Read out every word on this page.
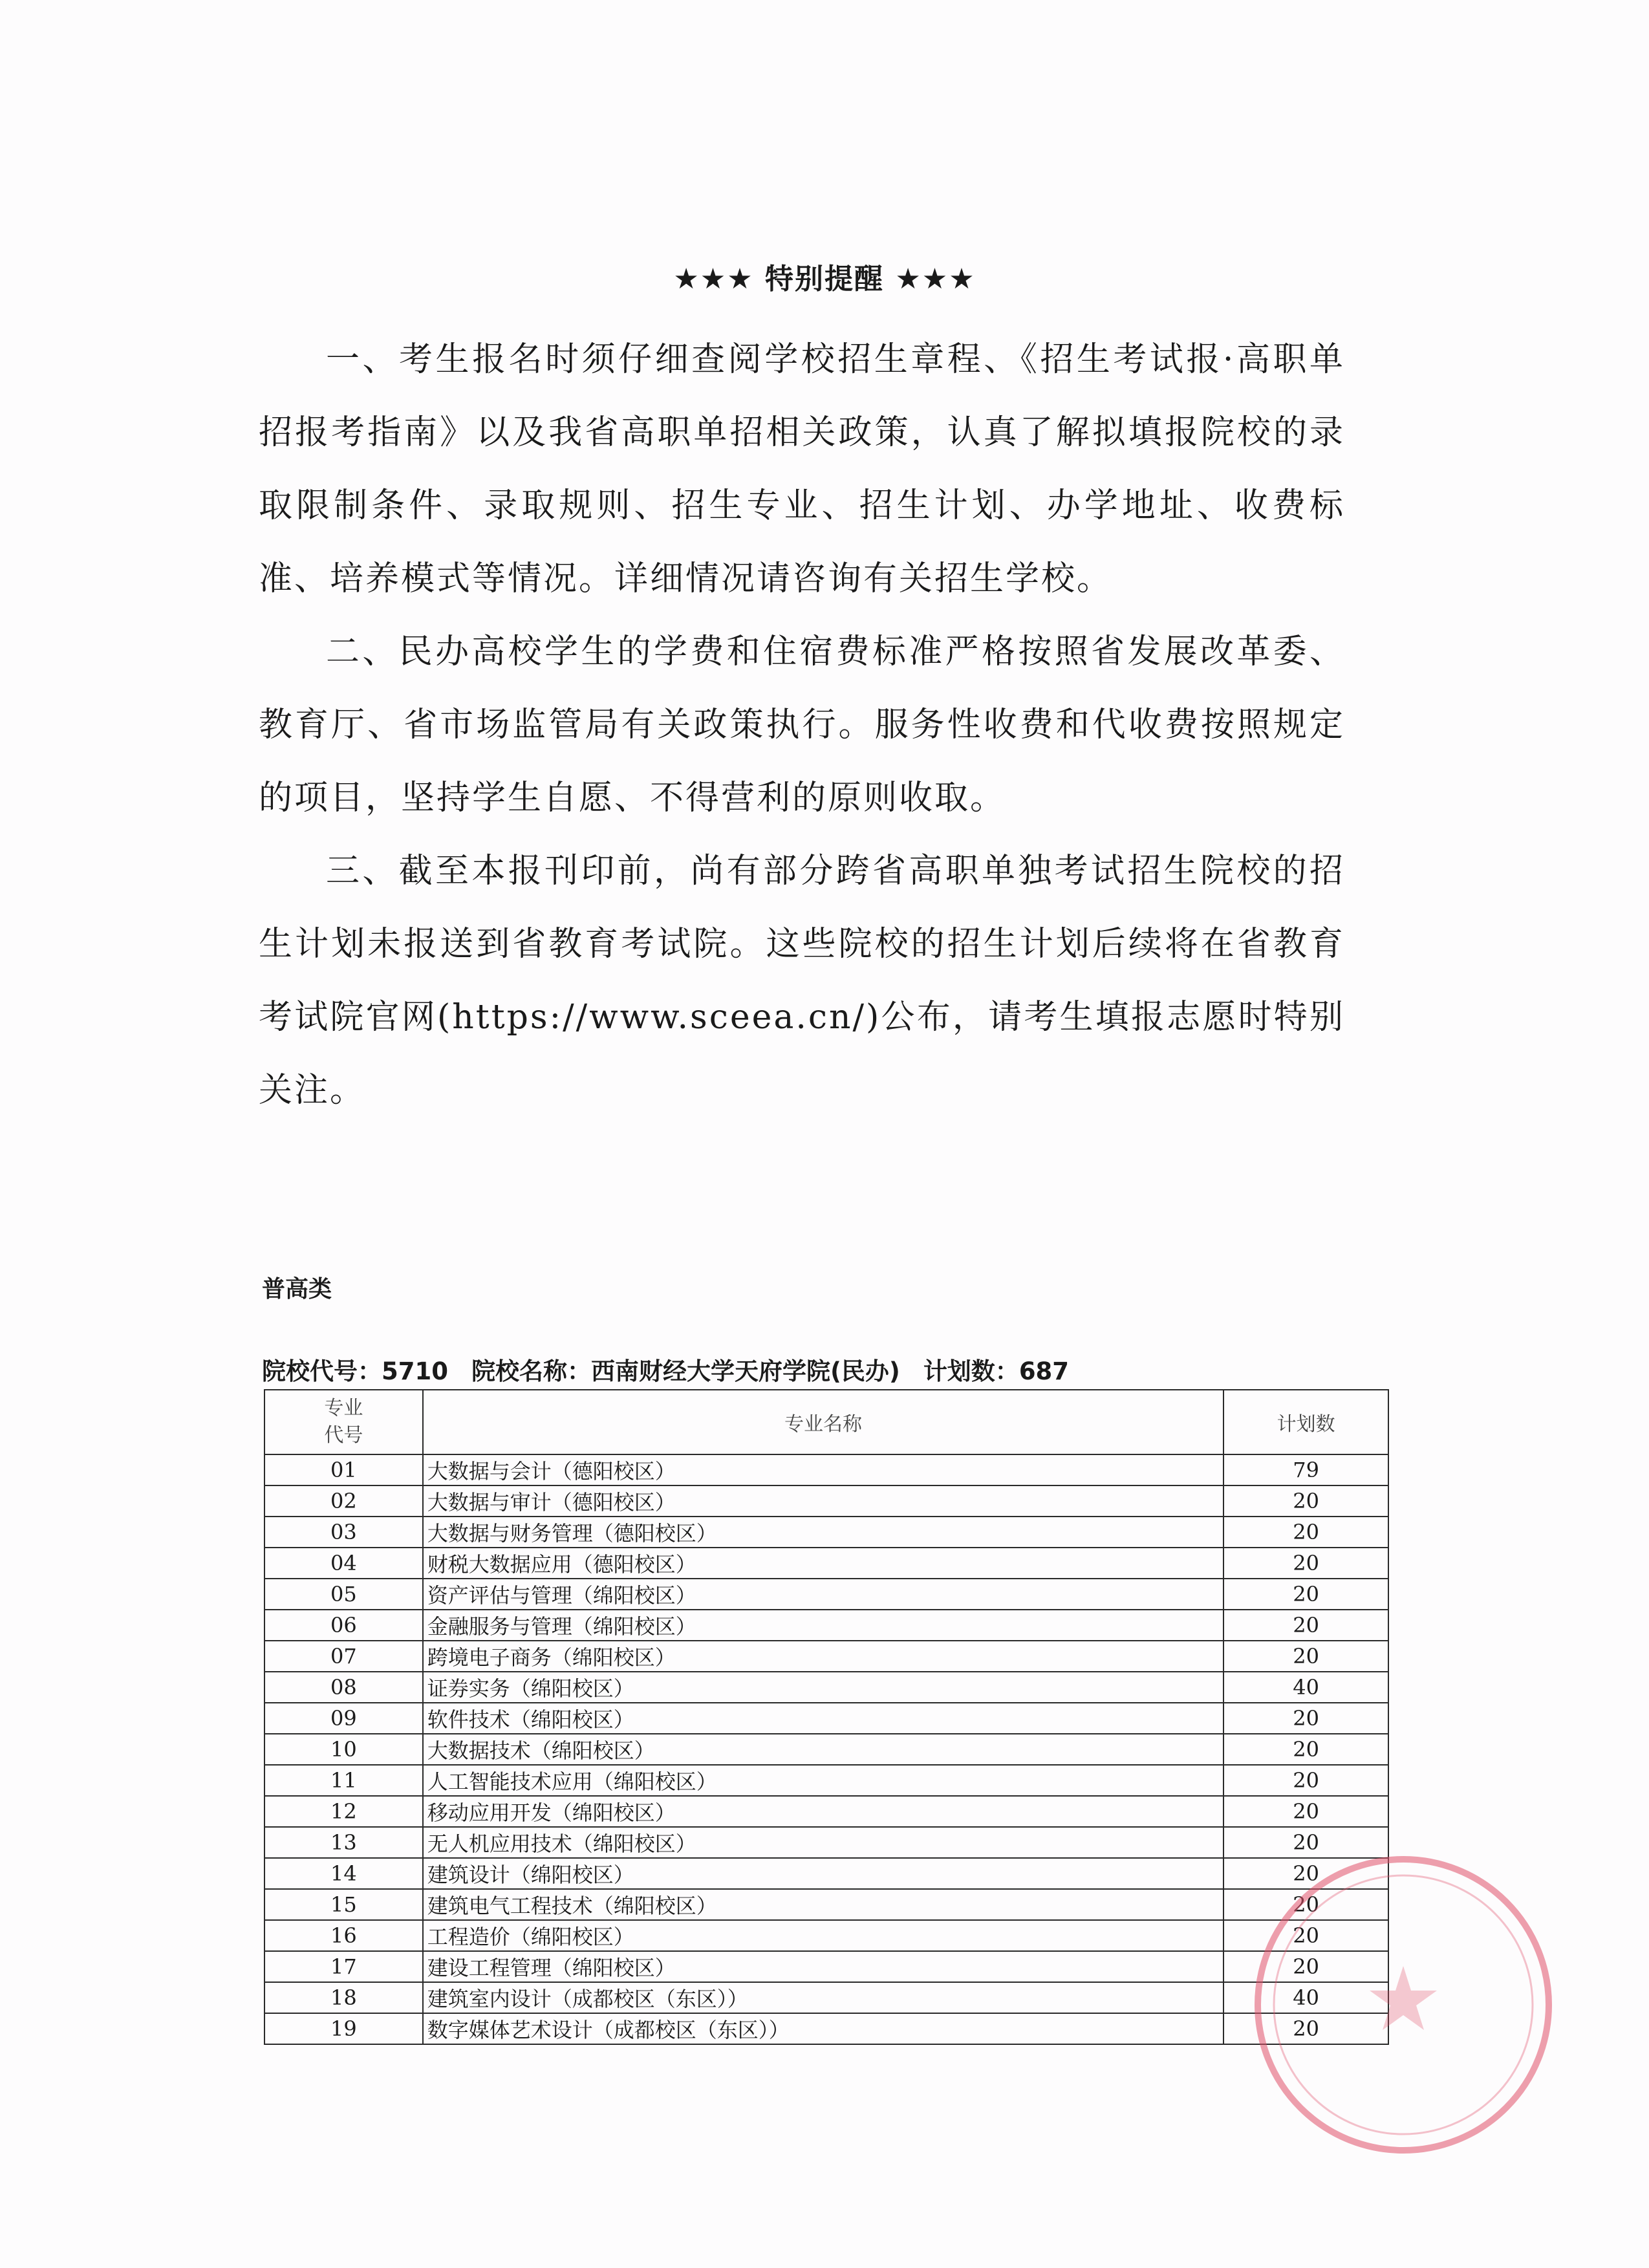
★★★ 特别提醒 ★★★

一、考生报名时须仔细查阅学校招生章程、《招生考试报·高职单招报考指南》以及我省高职单招相关政策，认真了解拟填报院校的录取限制条件、录取规则、招生专业、招生计划、办学地址、收费标准、培养模式等情况。详细情况请咨询有关招生学校。

二、民办高校学生的学费和住宿费标准严格按照省发展改革委、教育厅、省市场监管局有关政策执行。服务性收费和代收费按照规定的项目，坚持学生自愿、不得营利的原则收取。

三、截至本报刊印前，尚有部分跨省高职单独考试招生院校的招生计划未报送到省教育考试院。这些院校的招生计划后续将在省教育考试院官网(https://www.sceea.cn/)公布，请考生填报志愿时特别关注。

普高类
院校代号：5710 院校名称：西南财经大学天府学院(民办) 计划数：687
专业
代号	专业名称	计划数
01	大数据与会计（德阳校区）	79
02	大数据与审计（德阳校区）	20
03	大数据与财务管理（德阳校区）	20
04	财税大数据应用（德阳校区）	20
05	资产评估与管理（绵阳校区）	20
06	金融服务与管理（绵阳校区）	20
07	跨境电子商务（绵阳校区）	20
08	证券实务（绵阳校区）	40
09	软件技术（绵阳校区）	20
10	大数据技术（绵阳校区）	20
11	人工智能技术应用（绵阳校区）	20
12	移动应用开发（绵阳校区）	20
13	无人机应用技术（绵阳校区）	20
14	建筑设计（绵阳校区）	20
15	建筑电气工程技术（绵阳校区）	20
16	工程造价（绵阳校区）	20
17	建设工程管理（绵阳校区）	20
18	建筑室内设计（成都校区（东区））	40
19	数字媒体艺术设计（成都校区（东区））	20
